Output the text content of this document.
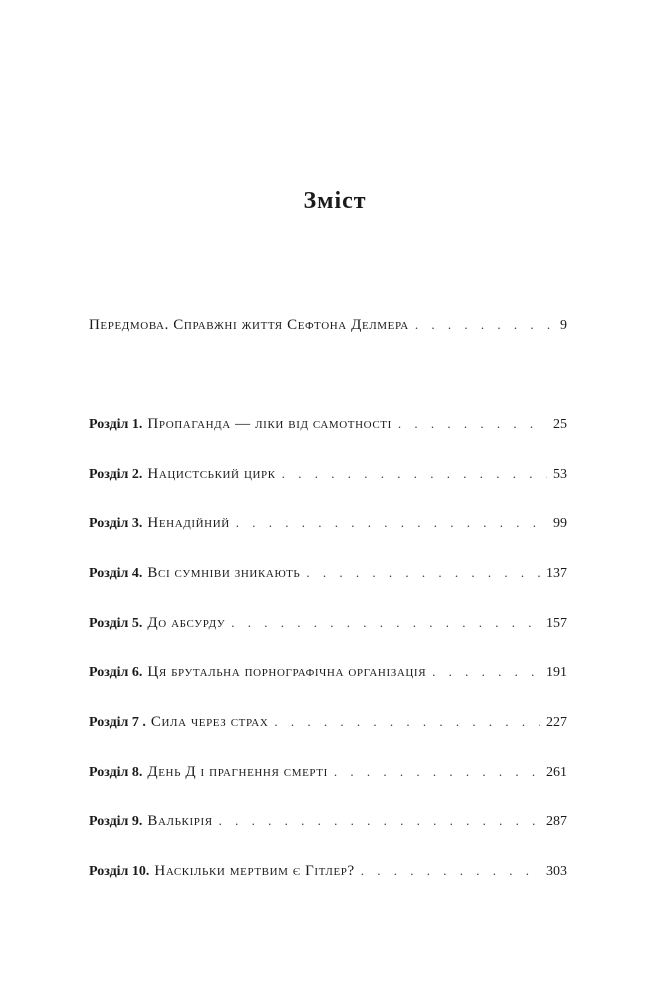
Зміст
Передмова. Справжні життя Сефтона Делмера . . .	9
Розділ 1. Пропаганда — ліки від самотності . . .	25
Розділ 2. Нацистський цирк . . .	53
Розділ 3. Ненадійний . . .	99
Розділ 4. Всі сумніви зникають . . .	137
Розділ 5. До абсурду . . .	157
Розділ 6. Ця брутальна порнографічна організація . . .	191
Розділ 7 . Сила через страх . . .	227
Розділ 8. День Д і прагнення смерті . . .	261
Розділ 9. Валькірія . . .	287
Розділ 10. Наскільки мертвим є Гітлер? . . .	303
